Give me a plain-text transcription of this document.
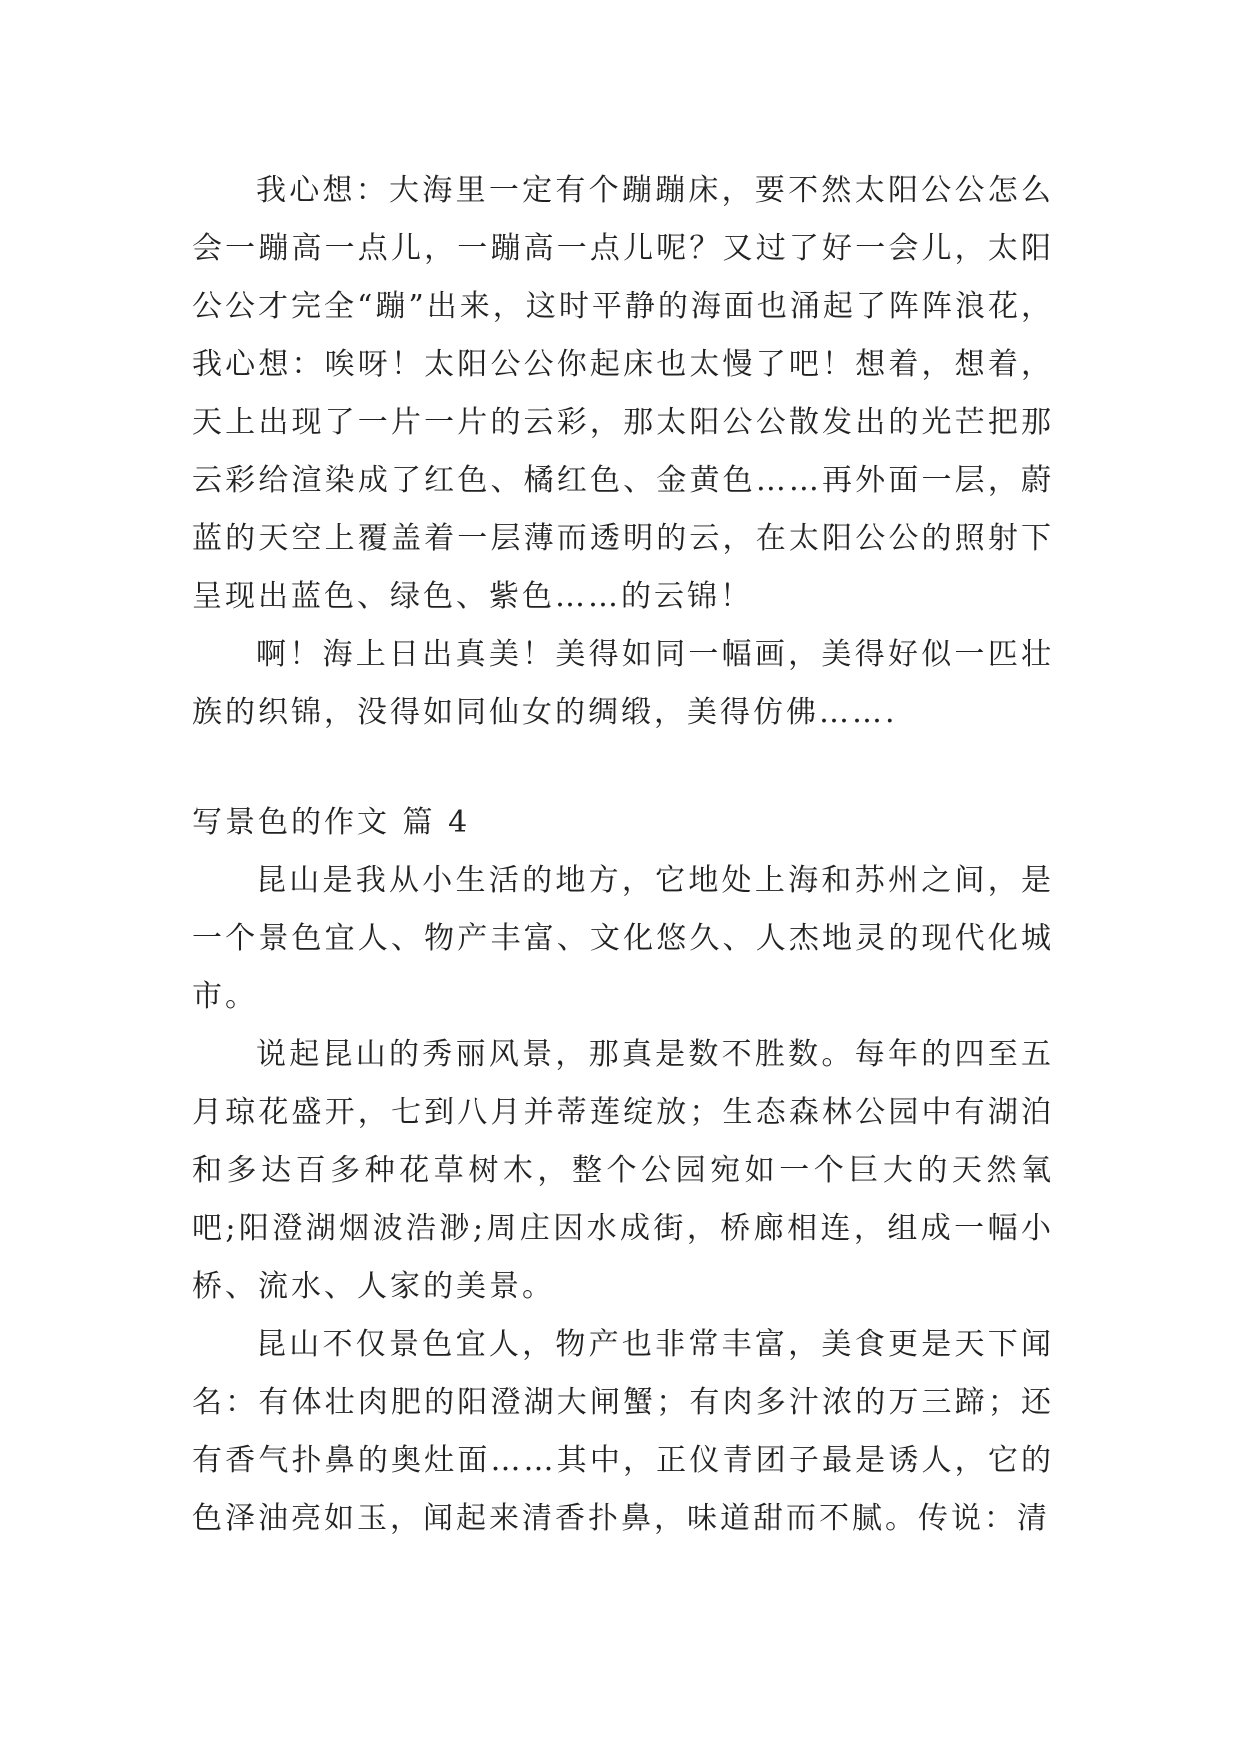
我心想：大海里一定有个蹦蹦床，要不然太阳公公怎么会一蹦高一点儿，一蹦高一点儿呢？又过了好一会儿，太阳公公才完全“蹦”出来，这时平静的海面也涌起了阵阵浪花，我心想：唉呀！太阳公公你起床也太慢了吧！想着，想着，天上出现了一片一片的云彩，那太阳公公散发出的光芒把那云彩给渲染成了红色、橘红色、金黄色……再外面一层，蔚蓝的天空上覆盖着一层薄而透明的云，在太阳公公的照射下呈现出蓝色、绿色、紫色……的云锦！

啊！海上日出真美！美得如同一幅画，美得好似一匹壮族的织锦，没得如同仙女的绸缎，美得仿佛…….

写景色的作文 篇 4

昆山是我从小生活的地方，它地处上海和苏州之间，是一个景色宜人、物产丰富、文化悠久、人杰地灵的现代化城市。

说起昆山的秀丽风景，那真是数不胜数。每年的四至五月琼花盛开，七到八月并蒂莲绽放；生态森林公园中有湖泊和多达百多种花草树木，整个公园宛如一个巨大的天然氧吧;阳澄湖烟波浩渺;周庄因水成街，桥廊相连，组成一幅小桥、流水、人家的美景。

昆山不仅景色宜人，物产也非常丰富，美食更是天下闻名：有体壮肉肥的阳澄湖大闸蟹；有肉多汁浓的万三蹄；还有香气扑鼻的奥灶面……其中，正仪青团子最是诱人，它的色泽油亮如玉，闻起来清香扑鼻，味道甜而不腻。传说：清
